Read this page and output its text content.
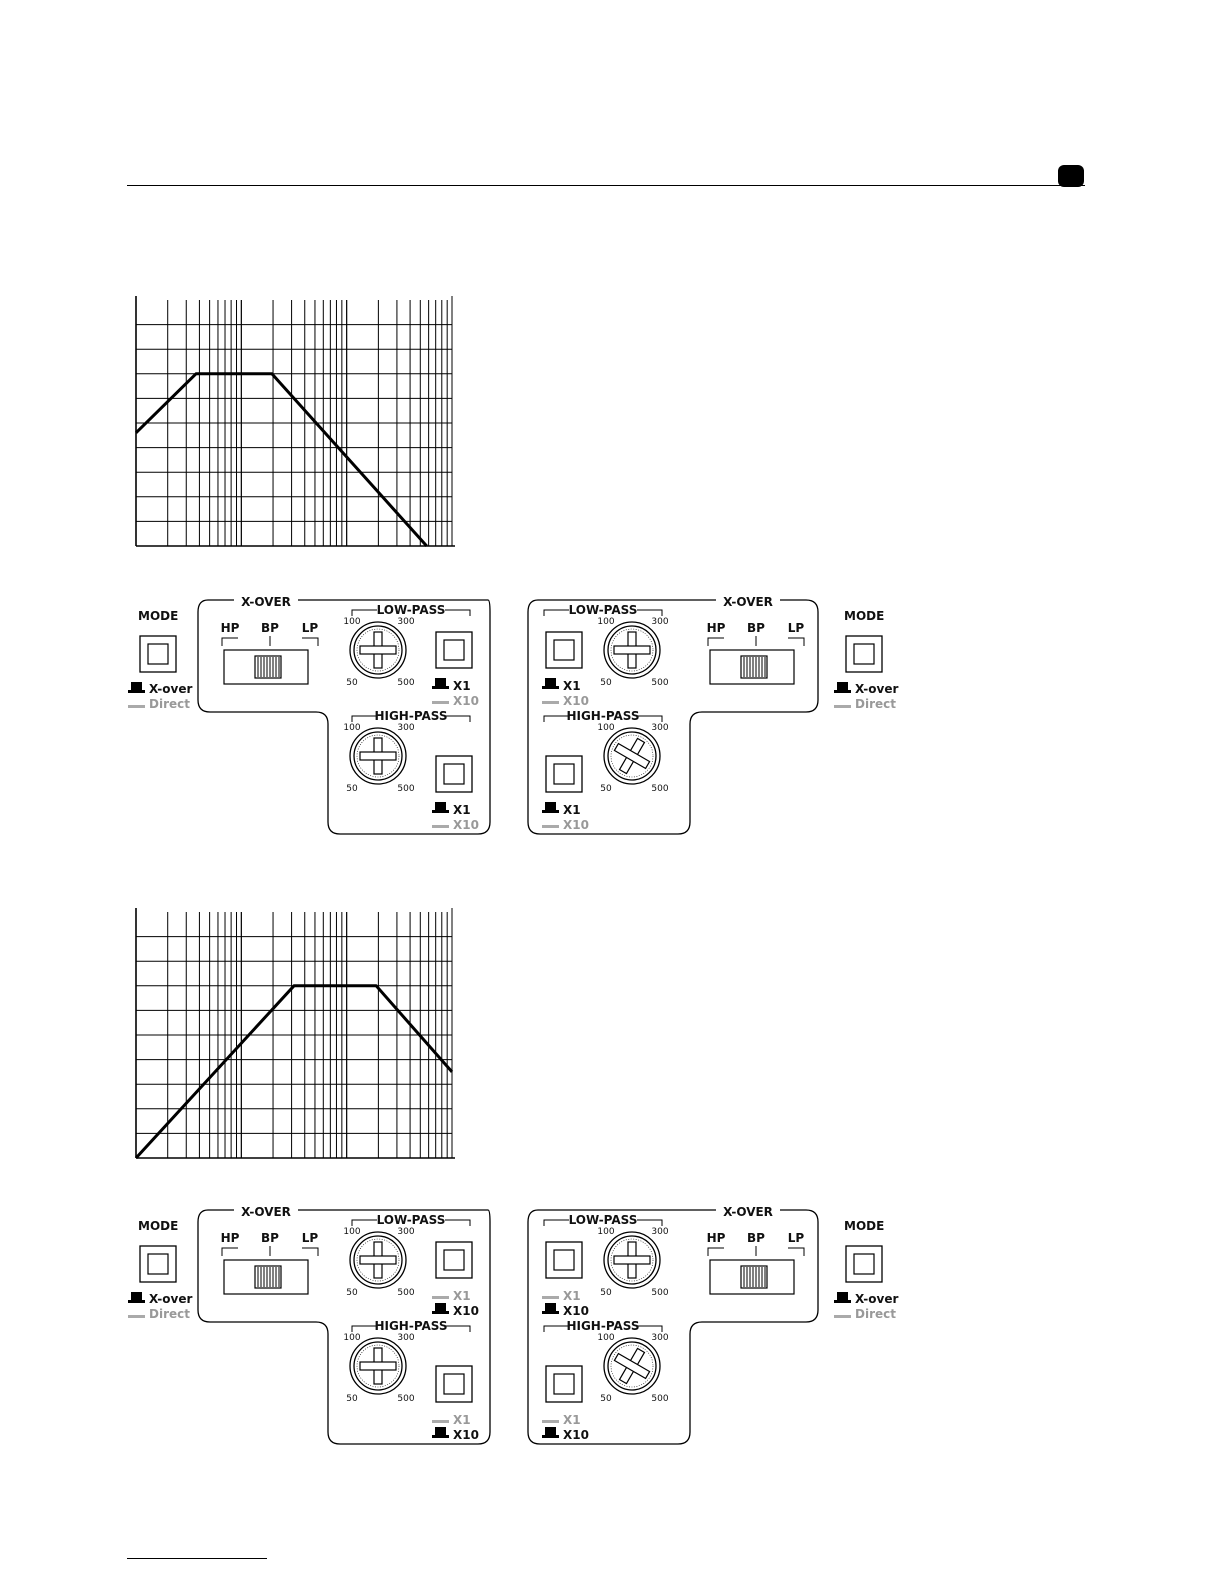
MODE
X-over
Direct
X-OVER
HP BP LP
LOW-PASS
100	300
50	500	X1
X10
HIGH-PASS
100	300
50	500
X1
X10
X-OVER
LOW-PASS
X1
X10
100	300
50	500
HP BP LP
HIGH-PASS
X1
X10
100	300
50	500
MODE
X-over
Direct
MODE
X-over
Direct
X-OVER
HP BP LP
LOW-PASS
100	300
50	500	X1
X10
HIGH-PASS
100	300
50	500
X1
X10
X-OVER
LOW-PASS
X1
X10
100	300
50	500
HP BP LP
HIGH-PASS
X1
X10
100	300
50	500
MODE
X-over
Direct
